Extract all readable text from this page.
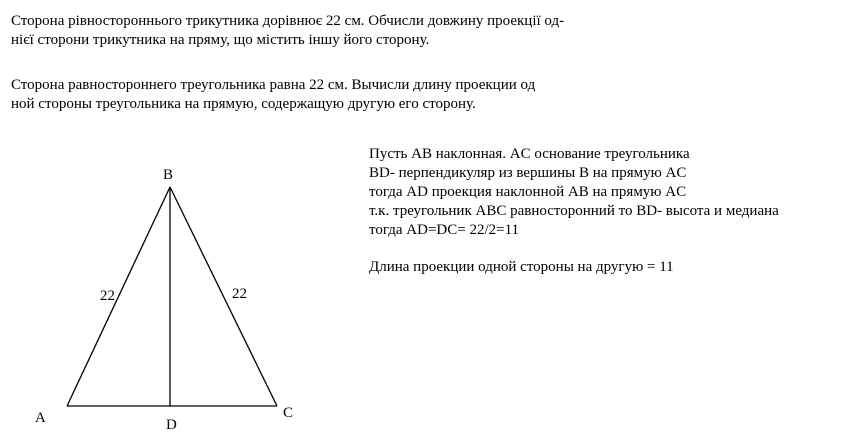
Сторона рівностороннього трикутника дорівнює 22 см. Обчисли довжину проекції од-
нієї сторони трикутника на пряму, що містить іншу його сторону.
Сторона равностороннего треугольника равна 22 см. Вычисли длину проекции од
ной стороны треугольника на прямую, содержащую другую его сторону.
Пусть AB наклонная. AC основание треугольника
BD- перпендикуляр из вершины B на прямую AC
тогда AD проекция наклонной AB на прямую AC
т.к. треугольник ABC равносторонний то BD- высота и медиана
тогда AD=DC= 22/2=11
Длина проекции одной стороны на другую = 11
A
B
C
D
22	22
